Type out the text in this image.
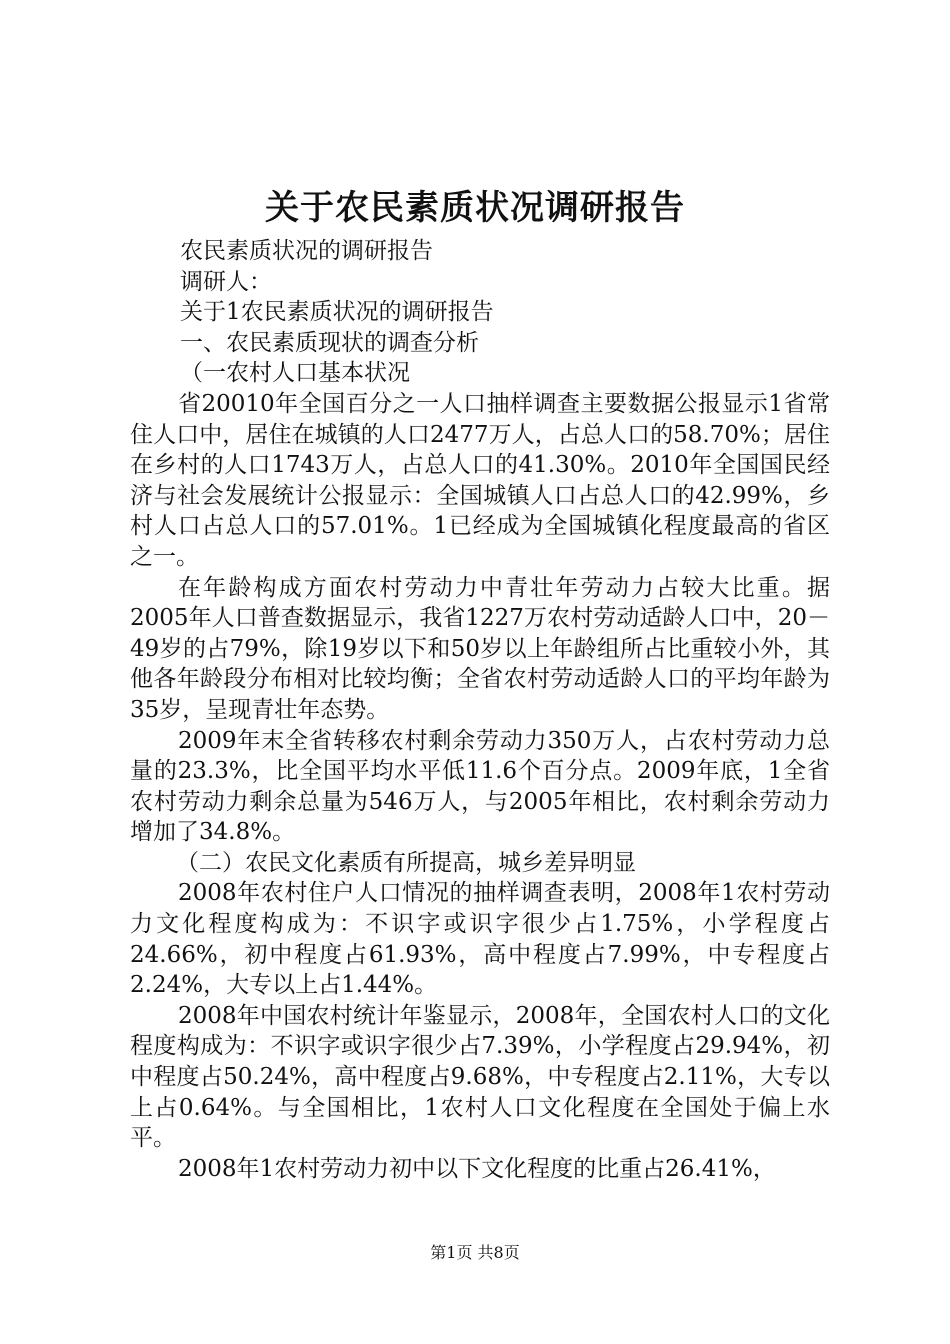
关于农民素质状况调研报告

农民素质状况的调研报告

调研人：

关于1农民素质状况的调研报告

一、农民素质现状的调查分析

（一农村人口基本状况

省20010年全国百分之一人口抽样调查主要数据公报显示1省常住人口中，居住在城镇的人口2477万人，占总人口的58.70%；居住在乡村的人口1743万人，占总人口的41.30%。2010年全国国民经济与社会发展统计公报显示：全国城镇人口占总人口的42.99%，乡村人口占总人口的57.01%。1已经成为全国城镇化程度最高的省区之一。

在年龄构成方面农村劳动力中青壮年劳动力占较大比重。据2005年人口普查数据显示，我省1227万农村劳动适龄人口中，20－49岁的占79%，除19岁以下和50岁以上年龄组所占比重较小外，其他各年龄段分布相对比较均衡；全省农村劳动适龄人口的平均年龄为35岁，呈现青壮年态势。

2009年末全省转移农村剩余劳动力350万人，占农村劳动力总量的23.3%，比全国平均水平低11.6个百分点。2009年底，1全省农村劳动力剩余总量为546万人，与2005年相比，农村剩余劳动力增加了34.8%。

（二）农民文化素质有所提高，城乡差异明显

2008年农村住户人口情况的抽样调查表明，2008年1农村劳动力文化程度构成为：不识字或识字很少占1.75%，小学程度占24.66%，初中程度占61.93%，高中程度占7.99%，中专程度占2.24%，大专以上占1.44%。

2008年中国农村统计年鉴显示，2008年，全国农村人口的文化程度构成为：不识字或识字很少占7.39%，小学程度占29.94%，初中程度占50.24%，高中程度占9.68%，中专程度占2.11%，大专以上占0.64%。与全国相比，1农村人口文化程度在全国处于偏上水平。

2008年1农村劳动力初中以下文化程度的比重占26.41%，

第1页 共8页
